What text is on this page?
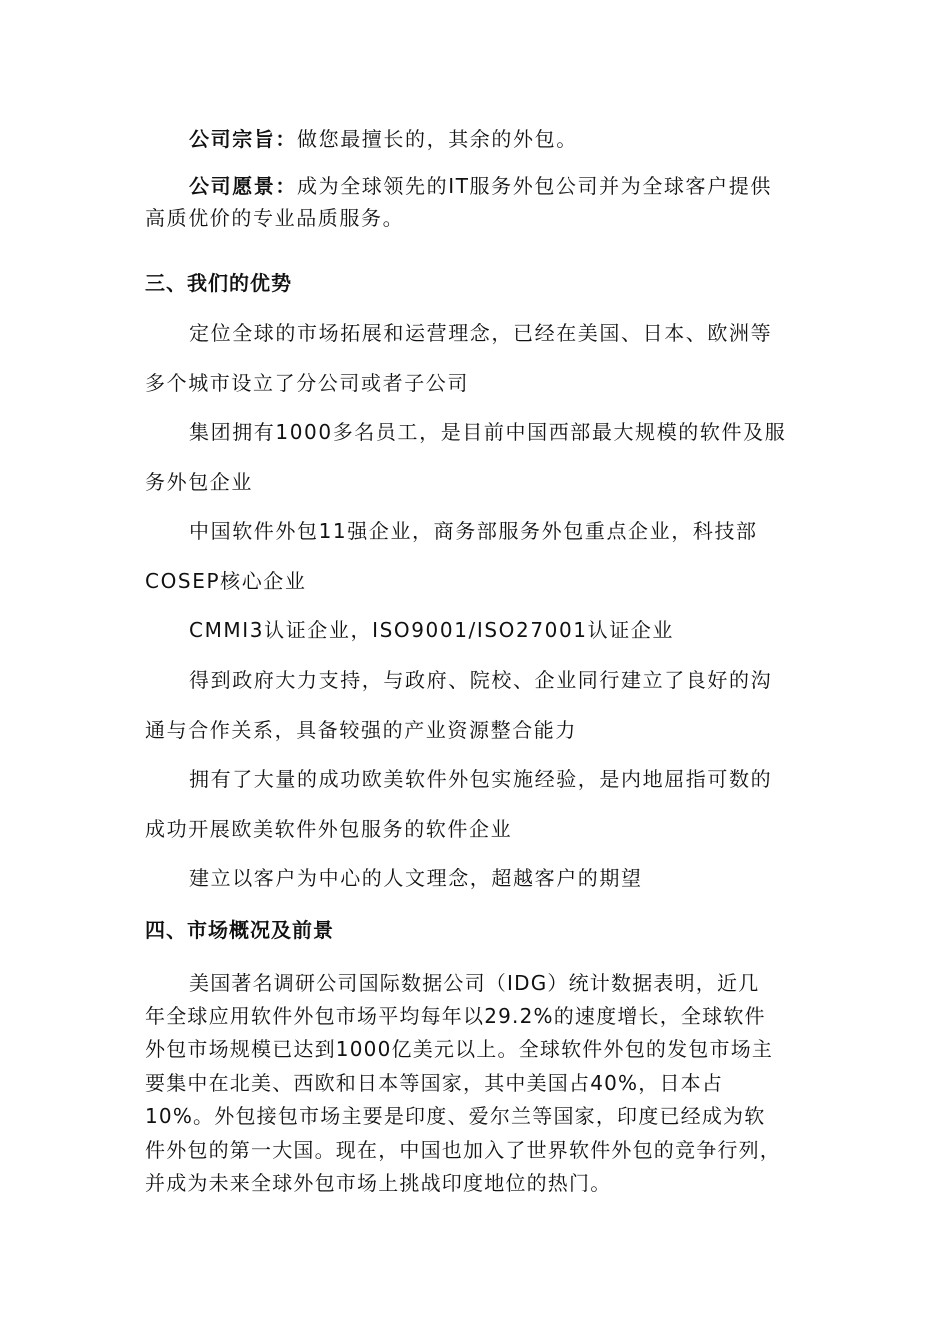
公司宗旨：做您最擅长的，其余的外包。
公司愿景：成为全球领先的IT服务外包公司并为全球客户提供
高质优价的专业品质服务。
三、我们的优势
定位全球的市场拓展和运营理念，已经在美国、日本、欧洲等
多个城市设立了分公司或者子公司
集团拥有1000多名员工，是目前中国西部最大规模的软件及服
务外包企业
中国软件外包11强企业，商务部服务外包重点企业，科技部
COSEP核心企业
CMMI3认证企业，ISO9001/ISO27001认证企业
得到政府大力支持，与政府、院校、企业同行建立了良好的沟
通与合作关系，具备较强的产业资源整合能力
拥有了大量的成功欧美软件外包实施经验，是内地屈指可数的
成功开展欧美软件外包服务的软件企业
建立以客户为中心的人文理念，超越客户的期望
四、市场概况及前景
美国著名调研公司国际数据公司（IDG）统计数据表明，近几
年全球应用软件外包市场平均每年以29.2%的速度增长，全球软件
外包市场规模已达到1000亿美元以上。全球软件外包的发包市场主
要集中在北美、西欧和日本等国家，其中美国占40%，日本占
10%。外包接包市场主要是印度、爱尔兰等国家，印度已经成为软
件外包的第一大国。现在，中国也加入了世界软件外包的竞争行列，
并成为未来全球外包市场上挑战印度地位的热门。
